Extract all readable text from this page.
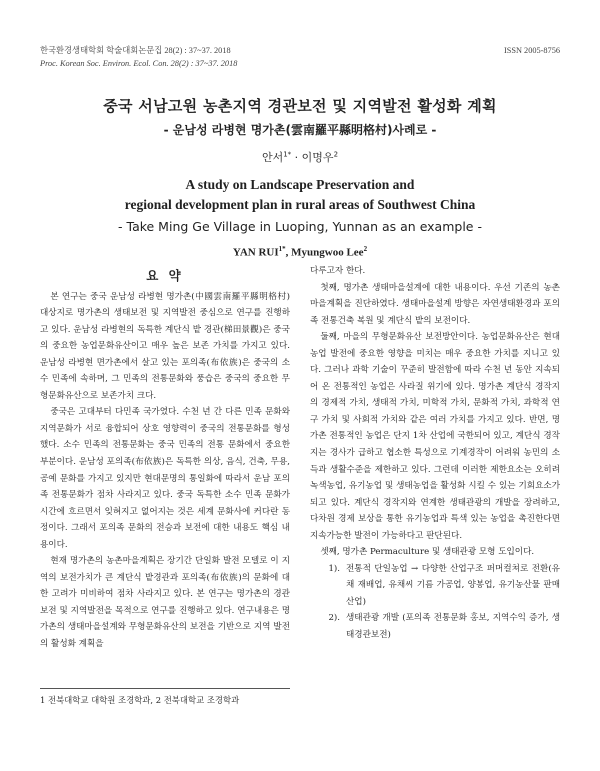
한국환경생태학회 학술대회논문집 28(2) : 37~37. 2018
Proc. Korean Soc. Environ. Ecol. Con. 28(2) : 37~37. 2018
ISSN 2005-8756
중국 서남고원 농촌지역 경관보전 및 지역발전 활성화 계획
- 운남성 라병현 명가촌(雲南羅平縣明格村)사례로 -
안서$^{1*}$ · 이명우$^2$
A study on Landscape Preservation and
regional development plan in rural areas of Southwest China
- Take Ming Ge Village in Luoping, Yunnan as an example -
YAN $RUI^{1*}$, Myungwoo Lee$^2$
요 약

본 연구는 중국 운남성 라병현 명가촌(中國雲南羅平縣明格村) 대상지로 명가촌의 생태보전 및 지역발전 중심으로 연구를 진행하고 있다. 운남성 라병현의 독특한 계단식 밭 경관(梯田景觀)은 중국의 중요한 농업문화유산이고 매우 높은 보존 가치를 가지고 있다. 운남성 라병현 면가촌에서 살고 있는 포의족(布依族)은 중국의 소수 민족에 속하며, 그 민족의 전통문화와 풍습은 중국의 중요한 무형문화유산으로 보존가치 크다.

중국은 고대부터 다민족 국가였다. 수천 년 간 다른 민족 문화와 지역문화가 서로 융합되어 상호 영향력이 중국의 전통문화를 형성했다. 소수 민족의 전통문화는 중국 민족의 전통 문화에서 중요한 부분이다. 운남성 포의족(布依族)은 독특한 의상, 음식, 건축, 무용, 공예 문화를 가지고 있지만 현대문명의 통일화에 따라서 운남 포의족 전통문화가 점차 사라지고 있다. 중국 독특한 소수 민족 문화가 시간에 흐르면서 잊혀지고 없어지는 것은 세계 문화사에 커다란 동정이다. 그래서 포의족 문화의 전승과 보전에 대한 내용도 핵심 내용이다.

현재 명가촌의 농촌마을계획은 장기간 단일화 발전 모델로 이 지역의 보전가치가 큰 계단식 밭경관과 포의족(布依族)의 문화에 대한 고려가 미비하여 점차 사라지고 있다. 본 연구는 명가촌의 경관보전 및 지역발전을 목적으로 연구를 진행하고 있다. 연구내용은 명가촌의 생태마을설계와 무형문화유산의 보전을 기반으로 지역 발전의 활성화 계획을

다루고자 한다.

첫째, 명가촌 생태마을설계에 대한 내용이다. 우선 기존의 농촌마을계획을 진단하였다. 생태마을설계 방향은 자연생태환경과 포의족 전통건축 복원 및 계단식 밭의 보전이다.

둘째, 마을의 무형문화유산 보전방안이다. 농업문화유산은 현대 농업 발전에 중요한 영향을 미치는 매우 중요한 가치를 지니고 있다. 그러나 과학 기술이 꾸준히 발전함에 따라 수천 년 동안 지속되어 온 전통적인 농업은 사라질 위기에 있다. 명가촌 계단식 경작지의 경제적 가치, 생태적 가치, 미학적 가치, 문화적 가치, 과학적 연구 가치 및 사회적 가치와 같은 여러 가치를 가지고 있다. 반면, 명가촌 전통적인 농업은 단지 1차 산업에 국한되어 있고, 계단식 경작지는 경사가 급하고 협소한 특성으로 기계경작이 어려워 농민의 소득과 생활수준을 제한하고 있다. 그런데 이러한 제한요소는 오히려 녹색농업, 유기농업 및 생태농업을 활성화 시킬 수 있는 기회요소가 되고 있다. 계단식 경작지와 연계한 생태관광의 개발을 장려하고, 다차원 경제 보상을 통한 유기농업과 특색 있는 농업을 촉진한다면 지속가능한 발전이 가능하다고 판단된다.

셋째, 명가촌 Permaculture 및 생태관광 모형 도입이다.

1). 전통적 단일농업 → 다양한 산업구조 퍼머컬쳐로 전환(유채 재배업, 유채씨 기름 가공업, 양봉업, 유기농산물 판매 산업)
2). 생태관광 개발 (포의족 전통문화 홍보, 지역수익 증가, 생태경관보전)
1 전북대학교 대학원 조경학과, 2 전북대학교 조경학과
